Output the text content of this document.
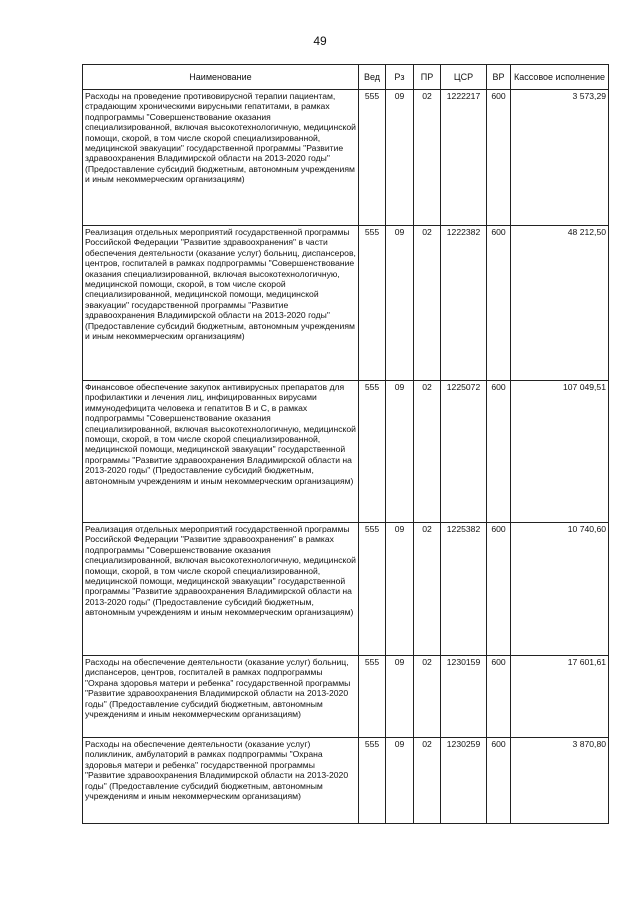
49
Наименование	Вед	Рз	ПР	ЦСР	ВР	Кассовое исполнение
Расходы на проведение противовирусной терапии пациентам, страдающим хроническими вирусными гепатитами, в рамках подпрограммы "Совершенствование оказания специализированной, включая высокотехнологичную, медицинской помощи, скорой, в том числе скорой специализированной, медицинской эвакуации" государственной программы "Развитие здравоохранения Владимирской области на 2013-2020 годы" (Предоставление субсидий бюджетным, автономным учреждениям и иным некоммерческим организациям)	555	09	02	1222217	600	3 573,29
Реализация отдельных мероприятий государственной программы Российской Федерации "Развитие здравоохранения" в части обеспечения деятельности (оказание услуг) больниц, диспансеров, центров, госпиталей в рамках подпрограммы "Совершенствование оказания специализированной, включая высокотехнологичную, медицинской помощи, скорой, в том числе скорой специализированной, медицинской помощи, медицинской эвакуации" государственной программы "Развитие здравоохранения Владимирской области на 2013-2020 годы" (Предоставление субсидий бюджетным, автономным учреждениям и иным некоммерческим организациям)	555	09	02	1222382	600	48 212,50
Финансовое обеспечение закупок антивирусных препаратов для профилактики и лечения лиц, инфицированных вирусами иммунодефицита человека и гепатитов В и С, в рамках подпрограммы "Совершенствование оказания специализированной, включая высокотехнологичную, медицинской помощи, скорой, в том числе скорой специализированной, медицинской помощи, медицинской эвакуации" государственной программы "Развитие здравоохранения Владимирской области на 2013-2020 годы" (Предоставление субсидий бюджетным, автономным учреждениям и иным некоммерческим организациям)	555	09	02	1225072	600	107 049,51
Реализация отдельных мероприятий государственной программы Российской Федерации "Развитие здравоохранения" в рамках подпрограммы "Совершенствование оказания специализированной, включая высокотехнологичную, медицинской помощи, скорой, в том числе скорой специализированной, медицинской помощи, медицинской эвакуации" государственной программы "Развитие здравоохранения Владимирской области на 2013-2020 годы" (Предоставление субсидий бюджетным, автономным учреждениям и иным некоммерческим организациям)	555	09	02	1225382	600	10 740,60
Расходы на обеспечение деятельности (оказание услуг) больниц, диспансеров, центров, госпиталей в рамках подпрограммы "Охрана здоровья матери и ребенка" государственной программы "Развитие здравоохранения Владимирской области на 2013-2020 годы" (Предоставление субсидий бюджетным, автономным учреждениям и иным некоммерческим организациям)	555	09	02	1230159	600	17 601,61
Расходы на обеспечение деятельности (оказание услуг) поликлиник, амбулаторий в рамках подпрограммы "Охрана здоровья матери и ребенка" государственной программы "Развитие здравоохранения Владимирской области на 2013-2020 годы" (Предоставление субсидий бюджетным, автономным учреждениям и иным некоммерческим организациям)	555	09	02	1230259	600	3 870,80
